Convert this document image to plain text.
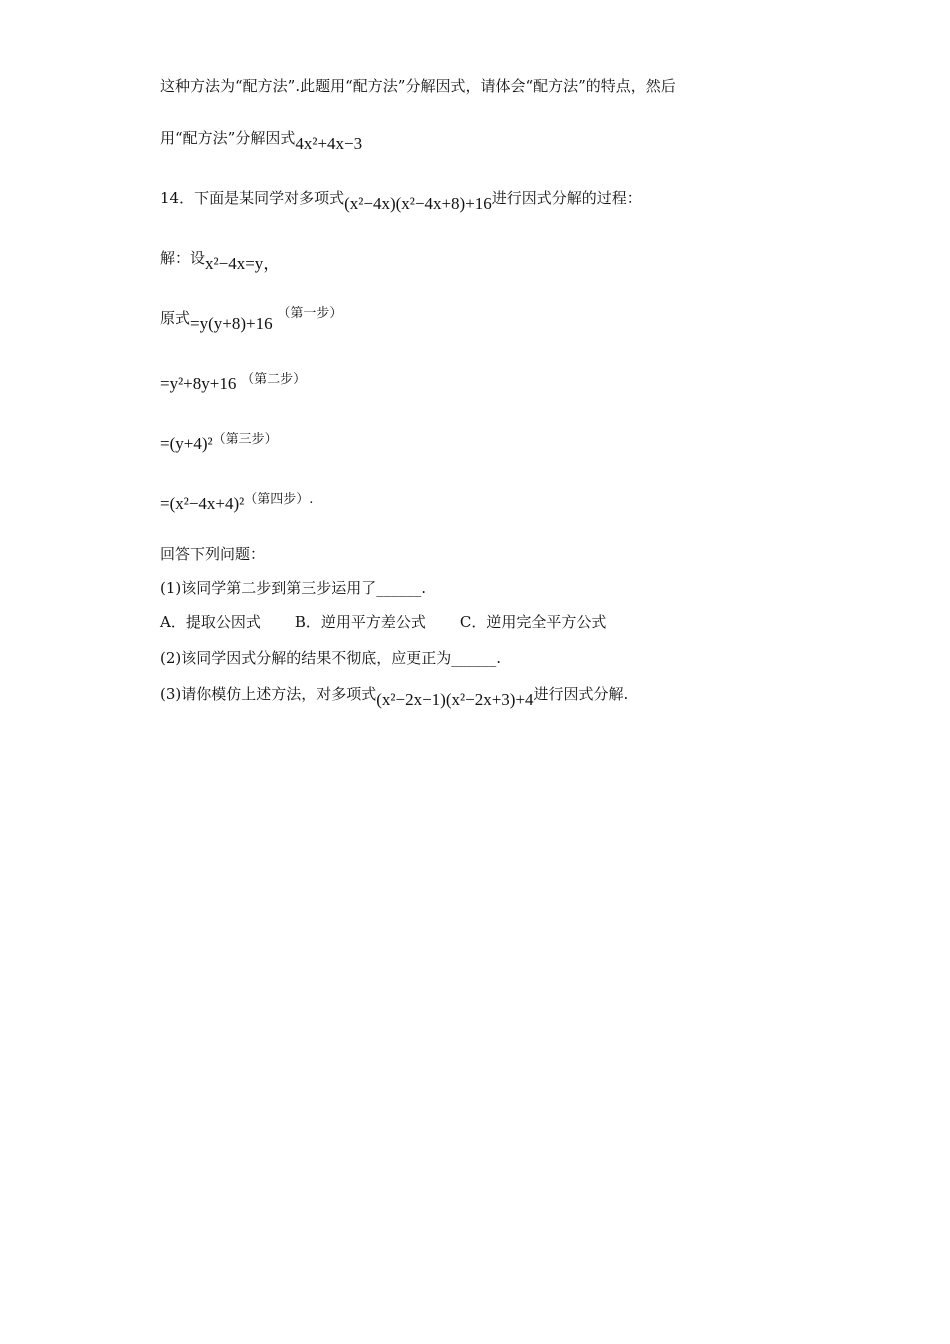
这种方法为“配方法”.此题用“配方法”分解因式，请体会“配方法”的特点，然后
用“配方法”分解因式4x²+4x−3
14．下面是某同学对多项式(x²−4x)(x²−4x+8)+16进行因式分解的过程：
解：设x²−4x=y，
原式=y(y+8)+16 （第一步）
=y²+8y+16 （第二步）
=(y+4)²（第三步）
=(x²−4x+4)²（第四步）.
回答下列问题：
(1)该同学第二步到第三步运用了______.
A．提取公因式 B．逆用平方差公式 C．逆用完全平方公式
(2)该同学因式分解的结果不彻底，应更正为______.
(3)请你模仿上述方法，对多项式(x²−2x−1)(x²−2x+3)+4进行因式分解.
